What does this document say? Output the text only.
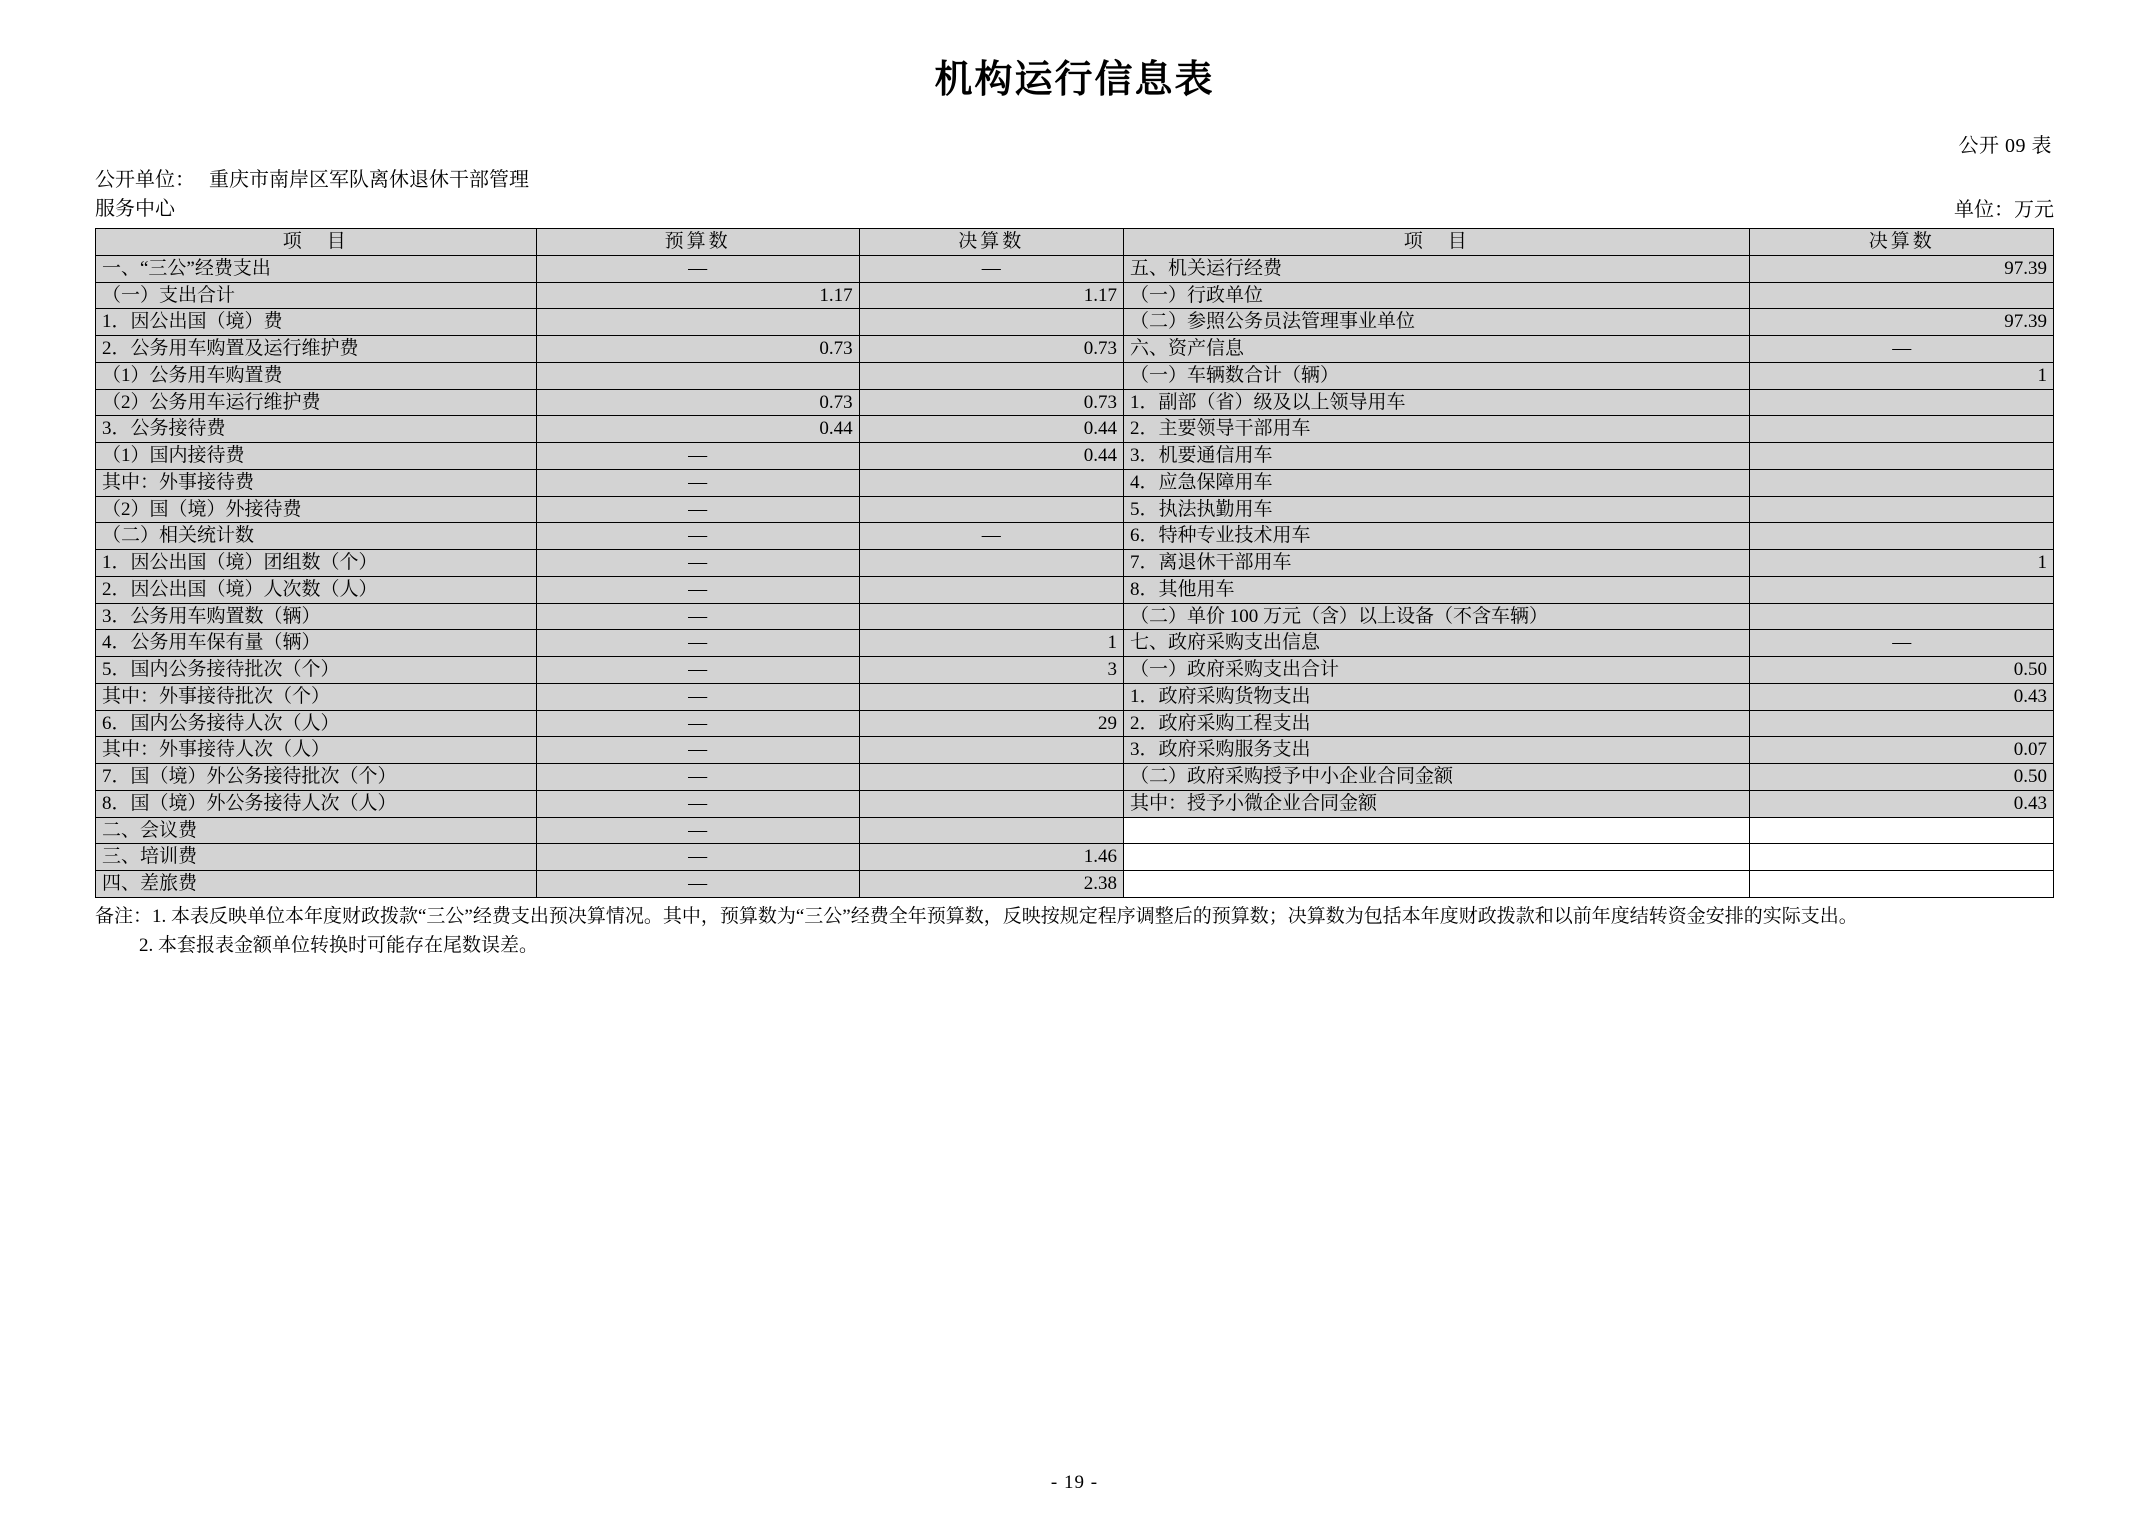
机构运行信息表
公开 09 表
公开单位： 重庆市南岸区军队离休退休干部管理
服务中心	单位：万元
项　目	预算数	决算数	项　目	决算数
一、“三公”经费支出	—	—	五、机关运行经费	97.39
（一）支出合计	1.17	1.17	（一）行政单位	
1．因公出国（境）费			（二）参照公务员法管理事业单位	97.39
2．公务用车购置及运行维护费	0.73	0.73	六、资产信息	—
（1）公务用车购置费			（一）车辆数合计（辆）	1
（2）公务用车运行维护费	0.73	0.73	1．副部（省）级及以上领导用车	
3．公务接待费	0.44	0.44	2．主要领导干部用车	
（1）国内接待费	—	0.44	3．机要通信用车	
其中：外事接待费	—		4．应急保障用车	
（2）国（境）外接待费	—		5．执法执勤用车	
（二）相关统计数	—	—	6．特种专业技术用车	
1．因公出国（境）团组数（个）	—		7．离退休干部用车	1
2．因公出国（境）人次数（人）	—		8．其他用车	
3．公务用车购置数（辆）	—		（二）单价 100 万元（含）以上设备（不含车辆）	
4．公务用车保有量（辆）	—	1	七、政府采购支出信息	—
5．国内公务接待批次（个）	—	3	（一）政府采购支出合计	0.50
其中：外事接待批次（个）	—		1．政府采购货物支出	0.43
6．国内公务接待人次（人）	—	29	2．政府采购工程支出	
其中：外事接待人次（人）	—		3．政府采购服务支出	0.07
7．国（境）外公务接待批次（个）	—		（二）政府采购授予中小企业合同金额	0.50
8．国（境）外公务接待人次（人）	—		其中：授予小微企业合同金额	0.43
二、会议费	—			
三、培训费	—	1.46		
四、差旅费	—	2.38		
备注：1. 本表反映单位本年度财政拨款“三公”经费支出预决算情况。其中，预算数为“三公”经费全年预算数，反映按规定程序调整后的预算数；决算数为包括本年度财政拨款和以前年度结转资金安排的实际支出。
2. 本套报表金额单位转换时可能存在尾数误差。
- 19 -
